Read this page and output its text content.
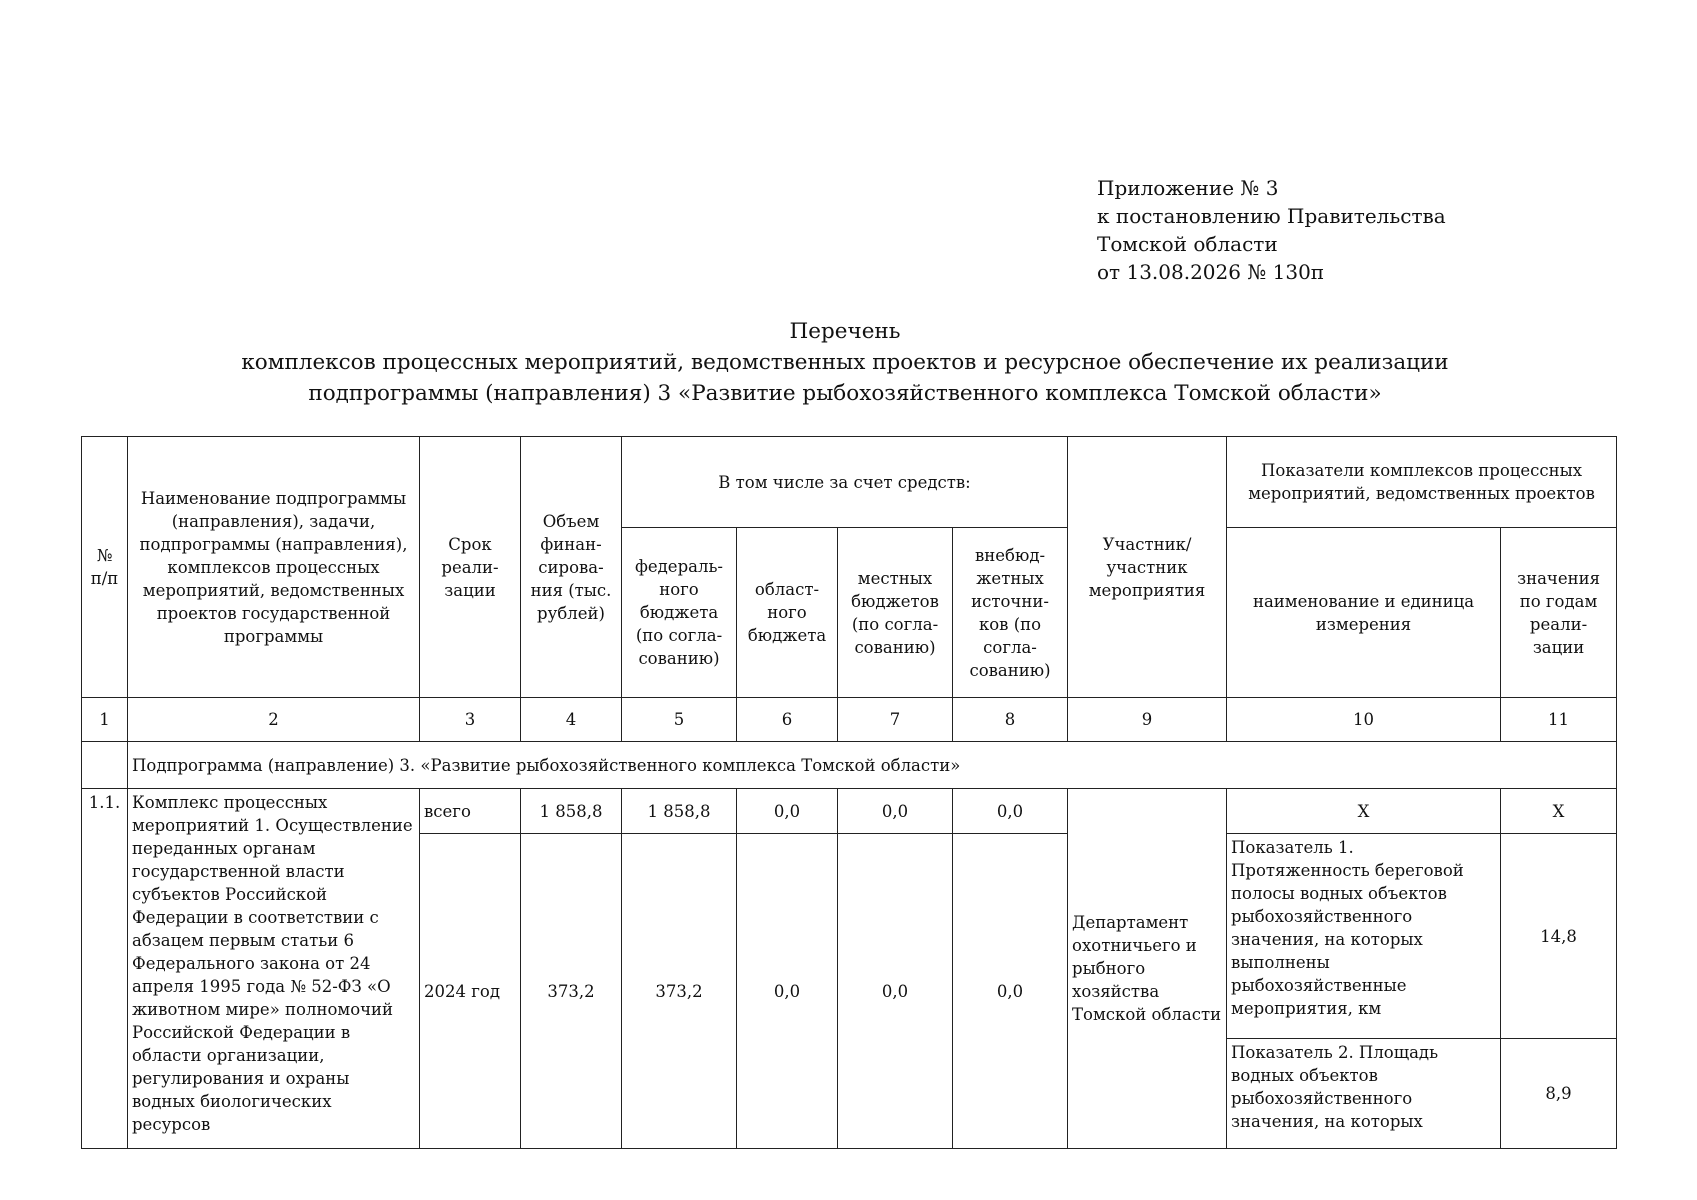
Приложение № 3
к постановлению Правительства
Томской области
от 13.08.2026 № 130п
Перечень
комплексов процессных мероприятий, ведомственных проектов и ресурсное обеспечение их реализации
подпрограммы (направления) 3 «Развитие рыбохозяйственного комплекса Томской области»
№ п/п	Наименование подпрограммы (направления), задачи, подпрограммы (направления), комплексов процессных мероприятий, ведомственных проектов государственной программы	Срок реали-зации	Объем финан-сирова-ния (тыс. рублей)	В том числе за счет средств:				Участник/ участник мероприятия	Показатели комплексов процессных мероприятий, ведомственных проектов	
				федераль-ного бюджета (по согла-сованию)	област-ного бюджета	местных бюджетов (по согла-сованию)	внебюд-жетных источни-ков (по согла-сованию)		наименование и единица измерения	значения по годам реали-зации
1	2	3	4	5	6	7	8	9	10	11
	Подпрограмма (направление) 3. «Развитие рыбохозяйственного комплекса Томской области»									
1.1.	Комплекс процессных мероприятий 1. Осуществление переданных органам государственной власти субъектов Российской Федерации в соответствии с абзацем первым статьи 6 Федерального закона от 24 апреля 1995 года № 52-ФЗ «О животном мире» полномочий Российской Федерации в области организации, регулирования и охраны водных биологических ресурсов	всего	1 858,8	1 858,8	0,0	0,0	0,0	Департамент охотничьего и рыбного хозяйства Томской области	Х	Х
		2024 год	373,2	373,2	0,0	0,0	0,0		Показатель 1. Протяженность береговой полосы водных объектов рыбохозяйственного значения, на которых выполнены рыбохозяйственные мероприятия, км	14,8
									Показатель 2. Площадь водных объектов рыбохозяйственного значения, на которых	8,9
